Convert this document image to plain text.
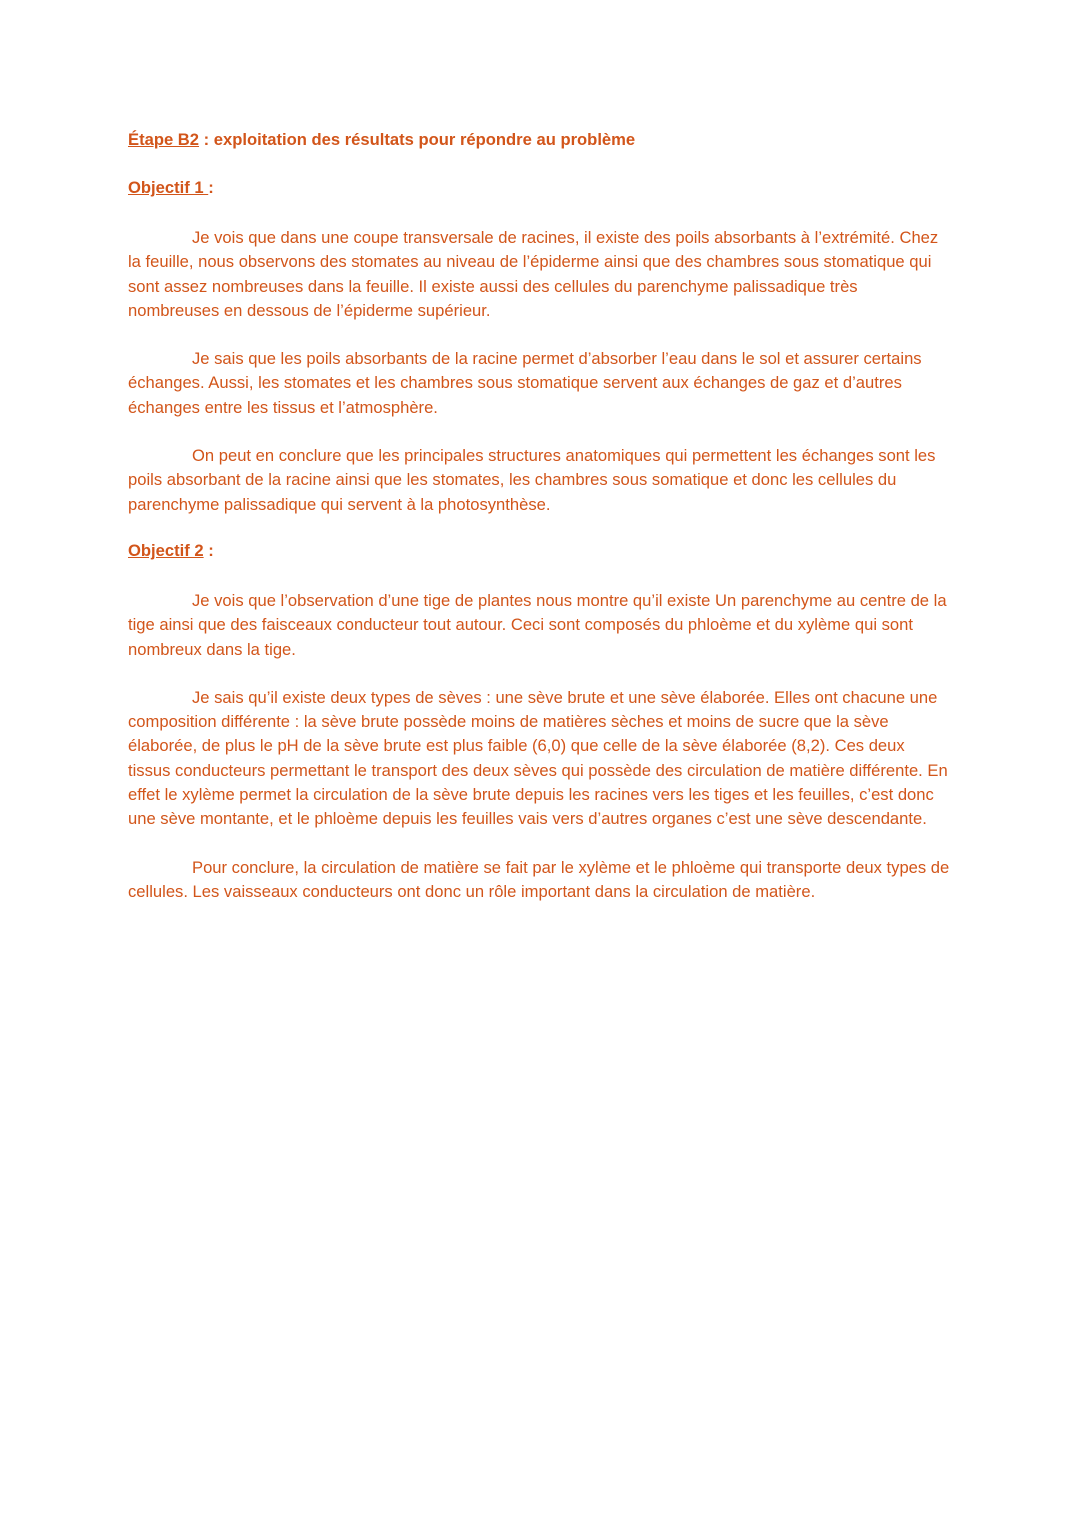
Étape B2 : exploitation des résultats pour répondre au problème

Objectif 1 :

Je vois que dans une coupe transversale de racines, il existe des poils absorbants à l’extrémité. Chez la feuille, nous observons des stomates au niveau de l’épiderme ainsi que des chambres sous stomatique qui sont assez nombreuses dans la feuille. Il existe aussi des cellules du parenchyme palissadique très nombreuses en dessous de l’épiderme supérieur.

Je sais que les poils absorbants de la racine permet d’absorber l’eau dans le sol et assurer certains échanges. Aussi, les stomates et les chambres sous stomatique servent aux échanges de gaz et d’autres échanges entre les tissus et l’atmosphère.

On peut en conclure que les principales structures anatomiques qui permettent les échanges sont les poils absorbant de la racine ainsi que les stomates, les chambres sous somatique et donc les cellules du parenchyme palissadique qui servent à la photosynthèse.

Objectif 2 :

Je vois que l’observation d’une tige de plantes nous montre qu’il existe Un parenchyme au centre de la tige ainsi que des faisceaux conducteur tout autour. Ceci sont composés du phloème et du xylème qui sont nombreux dans la tige.

Je sais qu’il existe deux types de sèves : une sève brute et une sève élaborée. Elles ont chacune une composition différente : la sève brute possède moins de matières sèches et moins de sucre que la sève élaborée, de plus le pH de la sève brute est plus faible (6,0) que celle de la sève élaborée (8,2). Ces deux tissus conducteurs permettant le transport des deux sèves qui possède des circulation de matière différente. En effet le xylème permet la circulation de la sève brute depuis les racines vers les tiges et les feuilles, c’est donc une sève montante, et le phloème depuis les feuilles vais vers d’autres organes c’est une sève descendante.

Pour conclure, la circulation de matière se fait par le xylème et le phloème qui transporte deux types de cellules. Les vaisseaux conducteurs ont donc un rôle important dans la circulation de matière.
